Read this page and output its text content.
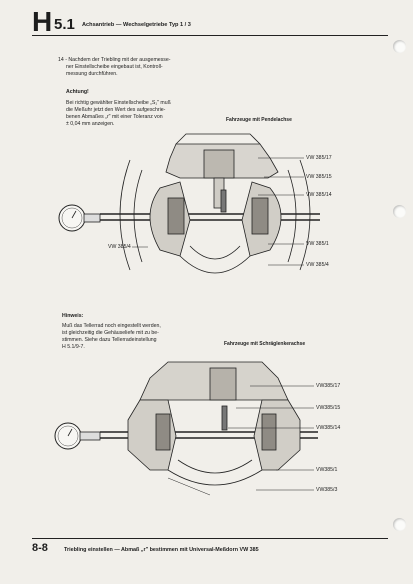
H 5.1 Achsantrieb — Wechselgetriebe Typ 1 / 3
14 - Nachdem der Triebling mit der ausgemesse-
ner Einstellscheibe eingebaut ist, Kontroll-
messung durchführen.
Achtung!
Bei richtig gewählter Einstellscheibe „S₁" muß
die Meßuhr jetzt den Wert des aufgeschrie-
benen Abmaßes „r" mit einer Toleranz von
± 0,04 mm anzeigen.
Fahrzeuge mit Pendelachse
VW 385/17
VW 385/15
VW 385/14
VW 385/4	VW 385/1
VW 385/4
Hinweis:
Muß das Tellerrad noch eingestellt werden,
ist gleichzeitig die Gehäuseliefe mit zu be-
stimmen. Siehe dazu Tellerradeinstellung
H 5.1/9-7.	Fahrzeuge mit Schräglenkerachse
VW385/17
VW385/15
VW385/14
VW385/1
VW385/3
8-8	Triebling einstellen — Abmaß „r" bestimmen mit Universal-Meßdorn VW 385
